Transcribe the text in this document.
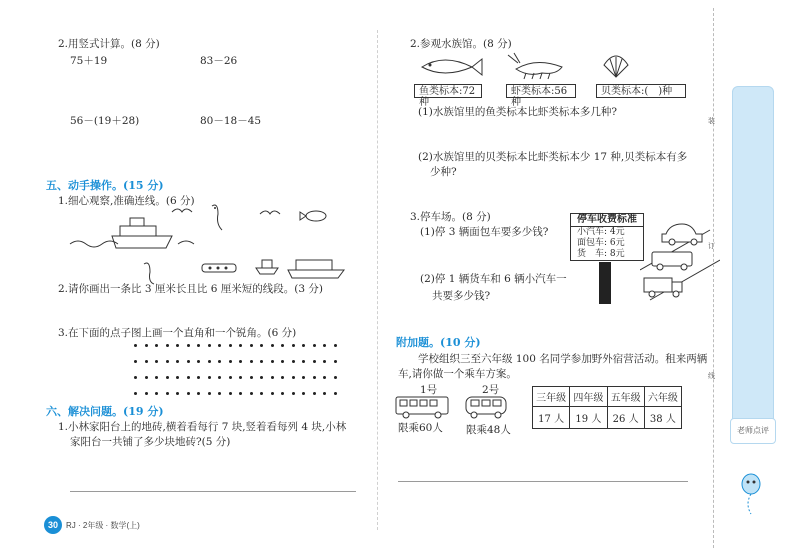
2.用竖式计算。(8 分)
75＋19	83－26
56－(19＋28)	80－18－45
五、动手操作。(15 分)
1.细心观察,准确连线。(6 分)
2.请你画出一条比 3 厘米长且比 6 厘米短的线段。(3 分)
3.在下面的点子图上画一个直角和一个锐角。(6 分)
六、解决问题。(19 分)
1.小林家阳台上的地砖,横着看每行 7 块,竖着看每列 4 块,小林
家阳台一共铺了多少块地砖?(5 分)
30	RJ · 2年级 · 数学(上)
2.参观水族馆。(8 分)
鱼类标本:72 种
虾类标本:56 种
贝类标本:(　)种
(1)水族馆里的鱼类标本比虾类标本多几种?
(2)水族馆里的贝类标本比虾类标本少 17 种,贝类标本有多
少种?
3.停车场。(8 分)
(1)停 3 辆面包车要多少钱?
(2)停 1 辆货车和 6 辆小汽车一
共要多少钱?
停车收费标准
小汽车: 4元
面包车: 6元
货　车: 8元
附加题。(10 分)
学校组织三至六年级 100 名同学参加野外宿营活动。租来两辆
车,请你做一个乘车方案。
1号
限乘60人
2号
限乘48人
三年级	四年级	五年级	六年级
17 人	19 人	26 人	38 人
装
订
线
老师点评
